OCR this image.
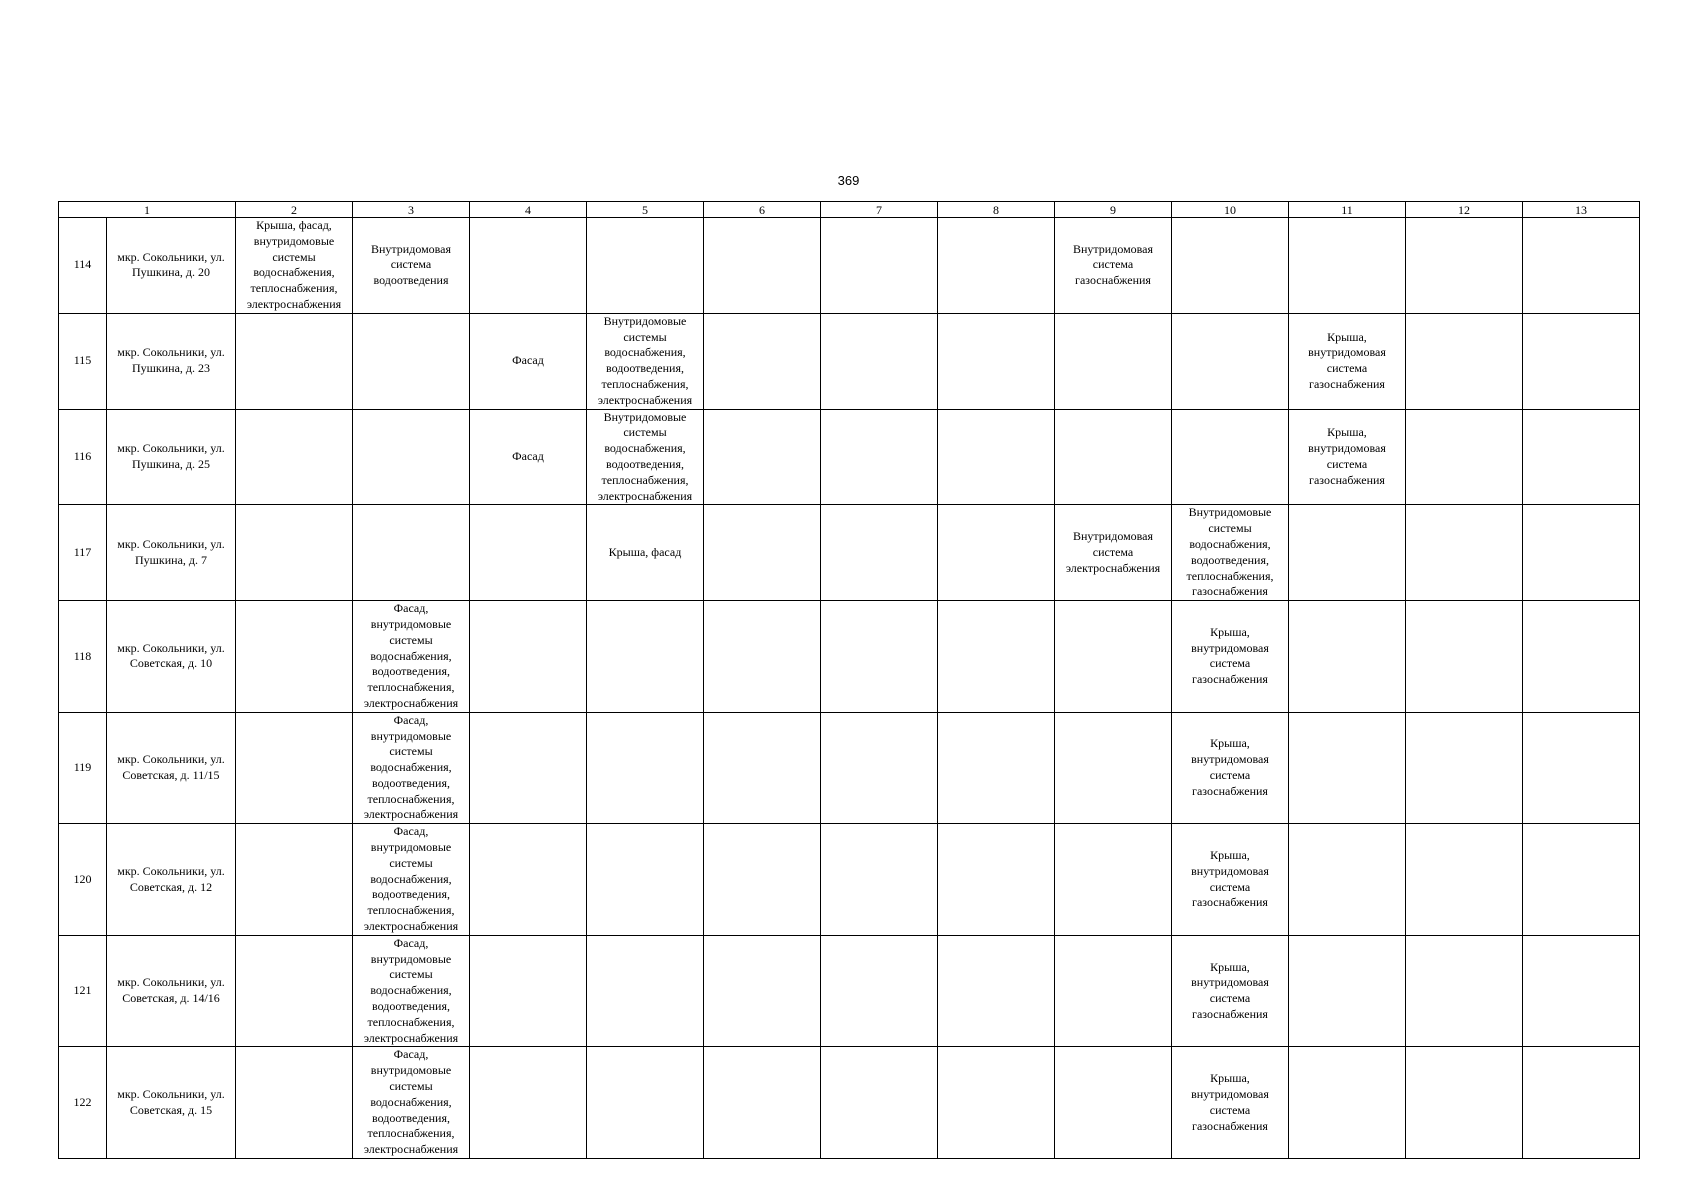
369
1		2	3	4	5	6	7	8	9	10	11	12	13
114	мкр. Сокольники, ул. Пушкина, д. 20	Крыша, фасад, внутридомовые системы водоснабжения, теплоснабжения, электроснабжения	Внутридомовая система водоотведения						Внутридомовая система газоснабжения				
115	мкр. Сокольники, ул. Пушкина, д. 23			Фасад	Внутридомовые системы водоснабжения, водоотведения, теплоснабжения, электроснабжения						Крыша, внутридомовая система газоснабжения		
116	мкр. Сокольники, ул. Пушкина, д. 25			Фасад	Внутридомовые системы водоснабжения, водоотведения, теплоснабжения, электроснабжения						Крыша, внутридомовая система газоснабжения		
117	мкр. Сокольники, ул. Пушкина, д. 7				Крыша, фасад				Внутридомовая система электроснабжения	Внутридомовые системы водоснабжения, водоотведения, теплоснабжения, газоснабжения			
118	мкр. Сокольники, ул. Советская, д. 10		Фасад, внутридомовые системы водоснабжения, водоотведения, теплоснабжения, электроснабжения							Крыша, внутридомовая система газоснабжения			
119	мкр. Сокольники, ул. Советская, д. 11/15		Фасад, внутридомовые системы водоснабжения, водоотведения, теплоснабжения, электроснабжения							Крыша, внутридомовая система газоснабжения			
120	мкр. Сокольники, ул. Советская, д. 12		Фасад, внутридомовые системы водоснабжения, водоотведения, теплоснабжения, электроснабжения							Крыша, внутридомовая система газоснабжения			
121	мкр. Сокольники, ул. Советская, д. 14/16		Фасад, внутридомовые системы водоснабжения, водоотведения, теплоснабжения, электроснабжения							Крыша, внутридомовая система газоснабжения			
122	мкр. Сокольники, ул. Советская, д. 15		Фасад, внутридомовые системы водоснабжения, водоотведения, теплоснабжения, электроснабжения							Крыша, внутридомовая система газоснабжения			
